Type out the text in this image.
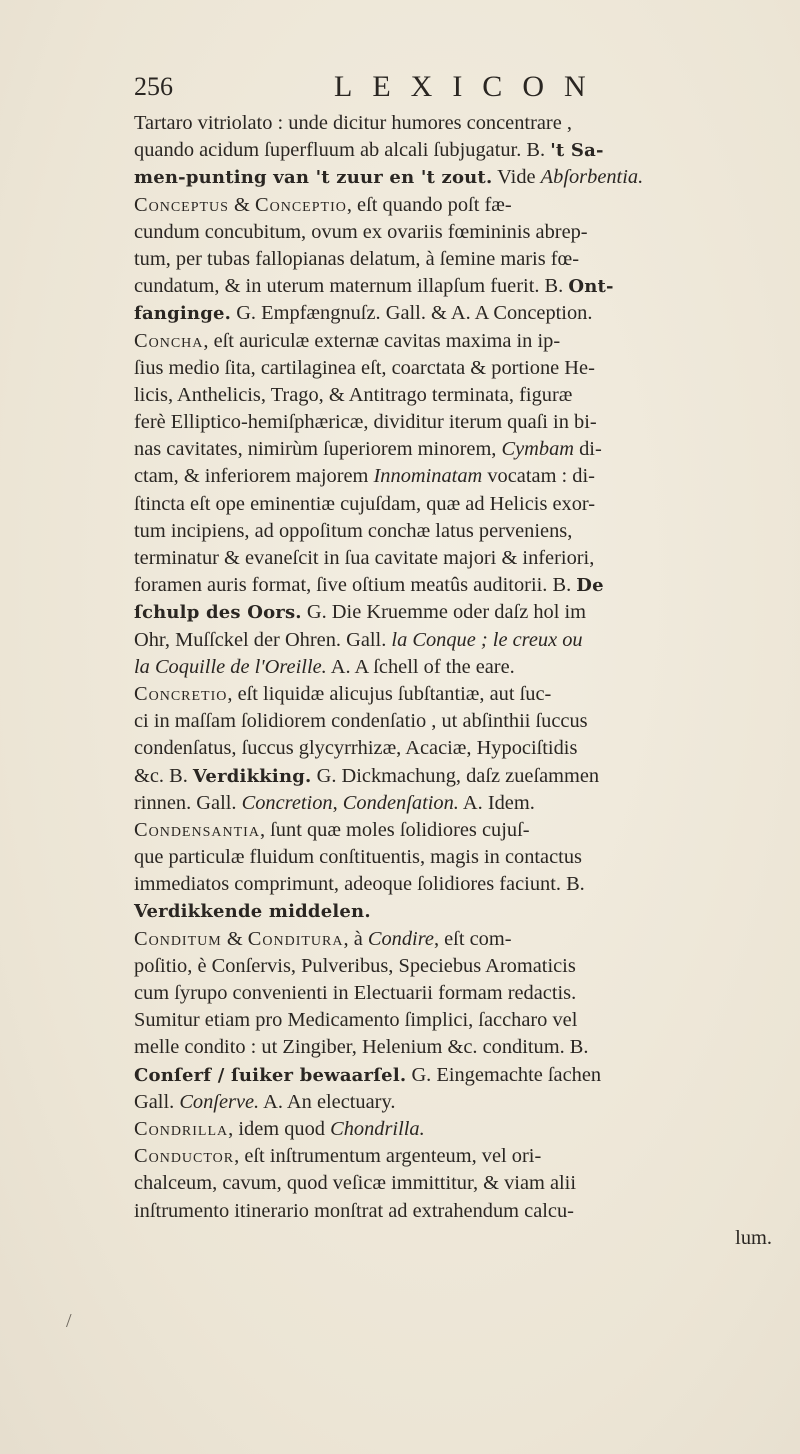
256	LEXICON
Tartaro vitriolato : unde dicitur humores concentrare ,
quando acidum ſuperfluum ab alcali ſubjugatur. B. 't Sa-
men-punting van 't zuur en 't zout. Vide Abſorbentia.
Conceptus & Conceptio, eſt quando poſt fæ-
cundum concubitum, ovum ex ovariis fœmininis abrep-
tum, per tubas fallopianas delatum, à ſemine maris fœ-
cundatum, & in uterum maternum illapſum fuerit. B. Ont-
fanginge. G. Empfængnuſz. Gall. & A. A Conception.
Concha, eſt auriculæ externæ cavitas maxima in ip-
ſius medio ſita, cartilaginea eſt, coarctata & portione He-
licis, Anthelicis, Trago, & Antitrago terminata, figuræ
ferè Elliptico-hemiſphæricæ, dividitur iterum quaſi in bi-
nas cavitates, nimirùm ſuperiorem minorem, Cymbam di-
ctam, & inferiorem majorem Innominatam vocatam : di-
ſtincta eſt ope eminentiæ cujuſdam, quæ ad Helicis exor-
tum incipiens, ad oppoſitum conchæ latus perveniens,
terminatur & evaneſcit in ſua cavitate majori & inferiori,
foramen auris format, ſive oſtium meatûs auditorii. B. De
ſchulp des Oors. G. Die Kruemme oder daſz hol im
Ohr, Muſſckel der Ohren. Gall. la Conque ; le creux ou
la Coquille de l'Oreille. A. A ſchell of the eare.
Concretio, eſt liquidæ alicujus ſubſtantiæ, aut ſuc-
ci in maſſam ſolidiorem condenſatio , ut abſinthii ſuccus
condenſatus, ſuccus glycyrrhizæ, Acaciæ, Hypociſtidis
&c. B. Verdikking. G. Dickmachung, daſz zueſammen
rinnen. Gall. Concretion, Condenſation. A. Idem.
Condensantia, ſunt quæ moles ſolidiores cujuſ-
que particulæ fluidum conſtituentis, magis in contactus
immediatos comprimunt, adeoque ſolidiores faciunt. B.
Verdikkende middelen.
Conditum & Conditura, à Condire, eſt com-
poſitio, è Conſervis, Pulveribus, Speciebus Aromaticis
cum ſyrupo convenienti in Electuarii formam redactis.
Sumitur etiam pro Medicamento ſimplici, ſaccharo vel
melle condito : ut Zingiber, Helenium &c. conditum. B.
Conſerf / ſuiker bewaarſel. G. Eingemachte ſachen
Gall. Conſerve. A. An electuary.
Condrilla, idem quod Chondrilla.
Conductor, eſt inſtrumentum argenteum, vel ori-
chalceum, cavum, quod veſicæ immittitur, & viam alii
inſtrumento itinerario monſtrat ad extrahendum calcu-
lum.
/
